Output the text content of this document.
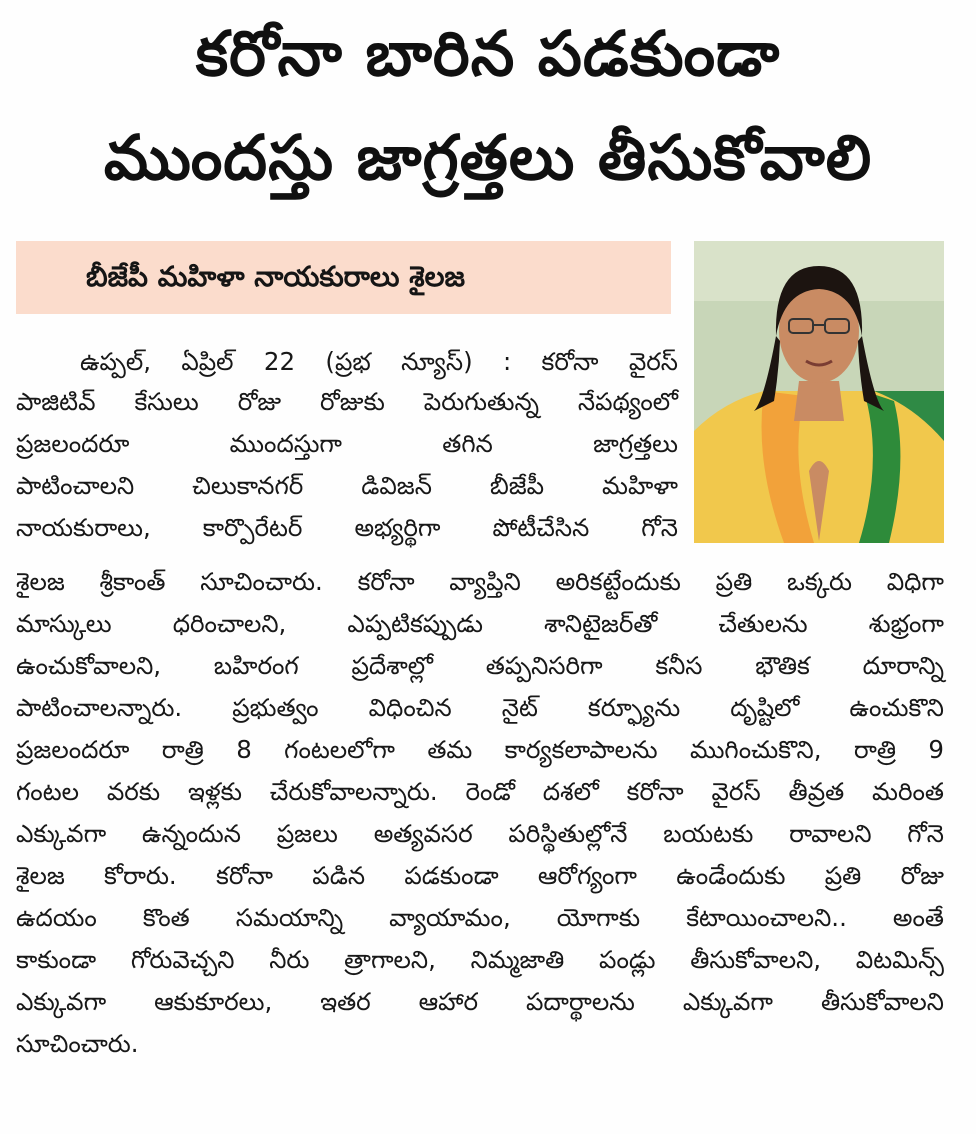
కరోనా బారిన పడకుండా
ముందస్తు జాగ్రత్తలు తీసుకోవాలి
బీజేపీ మహిళా నాయకురాలు శైలజ
ఉప్పల్, ఏప్రిల్ 22 (ప్రభ న్యూస్) : కరోనా వైరస్
పాజిటివ్ కేసులు రోజు రోజుకు పెరుగుతున్న నేపథ్యంలో
ప్రజలందరూ ముందస్తుగా తగిన జాగ్రత్తలు
పాటించాలని చిలుకానగర్ డివిజన్ బీజేపీ మహిళా
నాయకురాలు, కార్పొరేటర్ అభ్యర్థిగా పోటీచేసిన గోనె
శైలజ శ్రీకాంత్ సూచించారు. కరోనా వ్యాప్తిని అరికట్టేందుకు ప్రతి ఒక్కరు విధిగా
మాస్కులు ధరించాలని, ఎప్పటికప్పుడు శానిటైజర్‌తో చేతులను శుభ్రంగా
ఉంచుకోవాలని, బహిరంగ ప్రదేశాల్లో తప్పనిసరిగా కనీస భౌతిక దూరాన్ని
పాటించాలన్నారు. ప్రభుత్వం విధించిన నైట్ కర్ఫ్యూను దృష్టిలో ఉంచుకొని
ప్రజలందరూ రాత్రి 8 గంటలలోగా తమ కార్యకలాపాలను ముగించుకొని, రాత్రి 9
గంటల వరకు ఇళ్లకు చేరుకోవాలన్నారు. రెండో దశలో కరోనా వైరస్ తీవ్రత మరింత
ఎక్కువగా ఉన్నందున ప్రజలు అత్యవసర పరిస్థితుల్లోనే బయటకు రావాలని గోనె
శైలజ కోరారు. కరోనా పడిన పడకుండా ఆరోగ్యంగా ఉండేందుకు ప్రతి రోజు
ఉదయం కొంత సమయాన్ని వ్యాయామం, యోగాకు కేటాయించాలని.. అంతే
కాకుండా గోరువెచ్చని నీరు త్రాగాలని, నిమ్మజాతి పండ్లు తీసుకోవాలని, విటమిన్స్
ఎక్కువగా ఆకుకూరలు, ఇతర ఆహార పదార్థాలను ఎక్కువగా తీసుకోవాలని
సూచించారు.
